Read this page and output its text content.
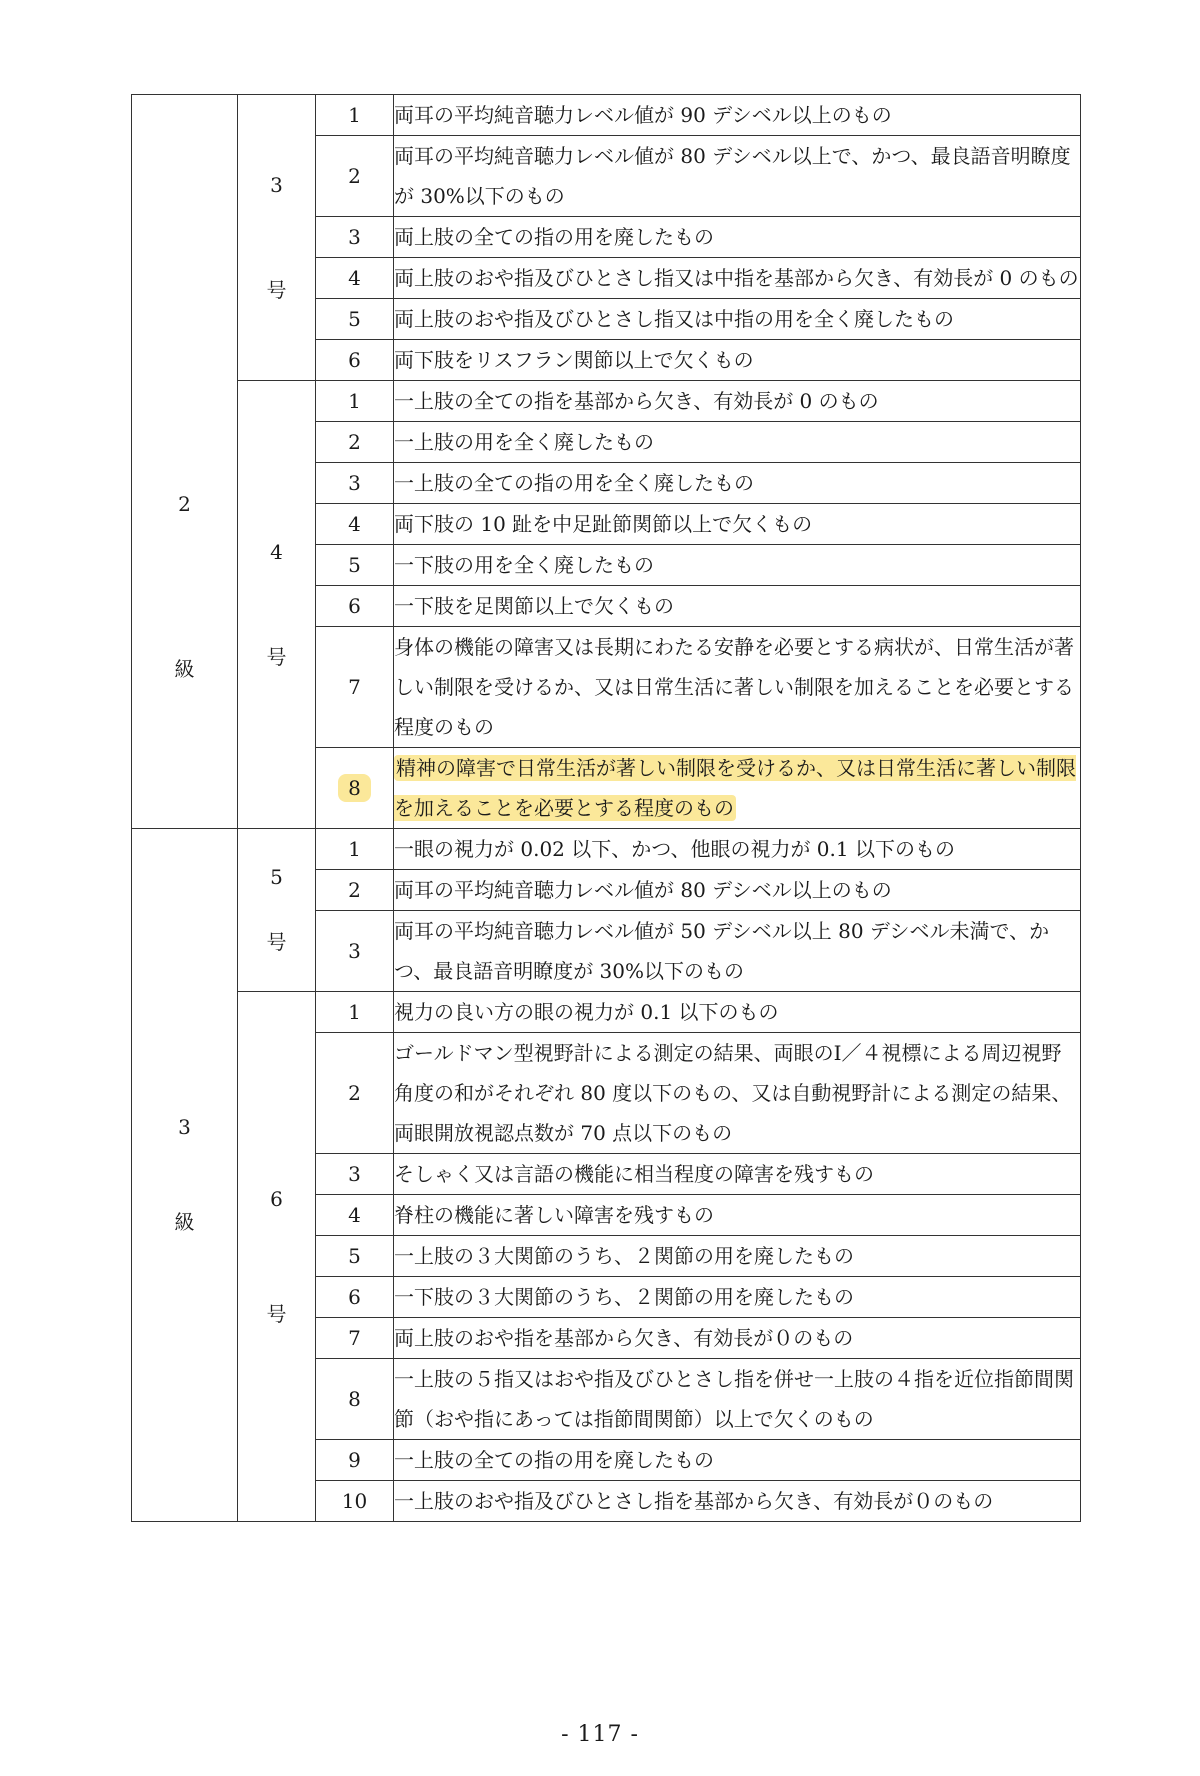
2
級	3
号	1	両耳の平均純音聴力レベル値が 90 デシベル以上のもの
		2	両耳の平均純音聴力レベル値が 80 デシベル以上で、かつ、最良語音明瞭度が 30%以下のもの
		3	両上肢の全ての指の用を廃したもの
		4	両上肢のおや指及びひとさし指又は中指を基部から欠き、有効長が 0 のもの
		5	両上肢のおや指及びひとさし指又は中指の用を全く廃したもの
		6	両下肢をリスフラン関節以上で欠くもの

	4
号	1	一上肢の全ての指を基部から欠き、有効長が 0 のもの
		2	一上肢の用を全く廃したもの
		3	一上肢の全ての指の用を全く廃したもの
		4	両下肢の 10 趾を中足趾節関節以上で欠くもの
		5	一下肢の用を全く廃したもの
		6	一下肢を足関節以上で欠くもの
		7	身体の機能の障害又は長期にわたる安静を必要とする病状が、日常生活が著しい制限を受けるか、又は日常生活に著しい制限を加えることを必要とする程度のもの
		8	精神の障害で日常生活が著しい制限を受けるか、又は日常生活に著しい制限を加えることを必要とする程度のもの

3
級	5
号	1	一眼の視力が 0.02 以下、かつ、他眼の視力が 0.1 以下のもの
		2	両耳の平均純音聴力レベル値が 80 デシベル以上のもの
		3	両耳の平均純音聴力レベル値が 50 デシベル以上 80 デシベル未満で、かつ、最良語音明瞭度が 30%以下のもの

	6
号	1	視力の良い方の眼の視力が 0.1 以下のもの
		2	ゴールドマン型視野計による測定の結果、両眼のⅠ／４視標による周辺視野角度の和がそれぞれ 80 度以下のもの、又は自動視野計による測定の結果、両眼開放視認点数が 70 点以下のもの
		3	そしゃく又は言語の機能に相当程度の障害を残すもの
		4	脊柱の機能に著しい障害を残すもの
		5	一上肢の３大関節のうち、２関節の用を廃したもの
		6	一下肢の３大関節のうち、２関節の用を廃したもの
		7	両上肢のおや指を基部から欠き、有効長が０のもの
		8	一上肢の５指又はおや指及びひとさし指を併せ一上肢の４指を近位指節間関節（おや指にあっては指節間関節）以上で欠くのもの
		9	一上肢の全ての指の用を廃したもの
		10	一上肢のおや指及びひとさし指を基部から欠き、有効長が０のもの
- 117 -
